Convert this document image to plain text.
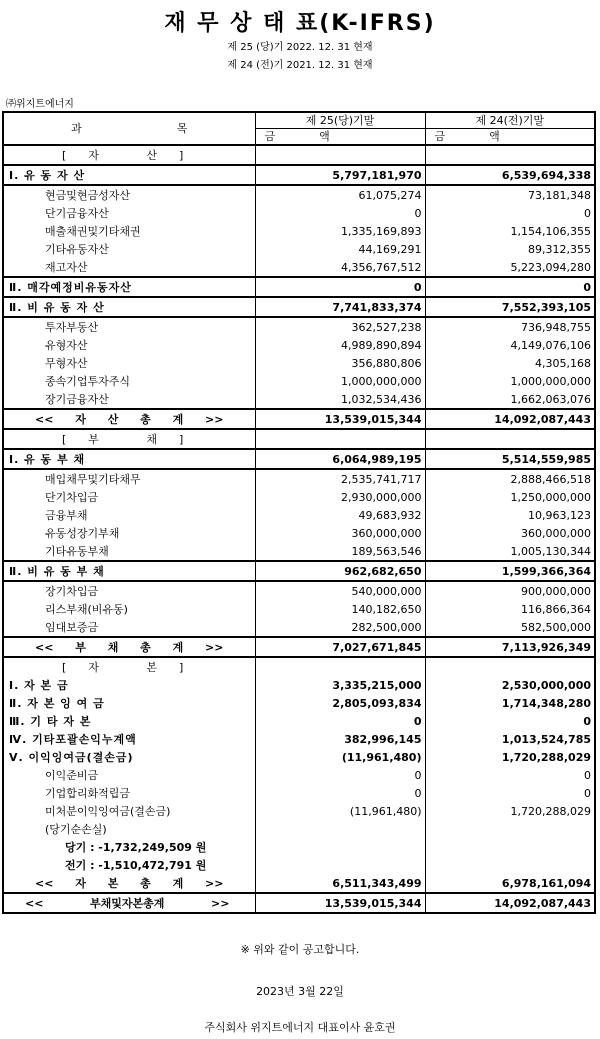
재 무 상 태 표(K-IFRS)
제 25 (당)기 2022. 12. 31 현재
제 24 (전)기 2021. 12. 31 현재
㈜위지트에너지
과 목	제 25(당)기말	제 24(전)기말
	금 액	금 액

[자 산]		

Ⅰ. 유 동 자 산	5,797,181,970	6,539,694,338

현금및현금성자산	61,075,274	73,181,348

단기금융자산	0	0

매출채권및기타채권	1,335,169,893	1,154,106,355

기타유동자산	44,169,291	89,312,355

재고자산	4,356,767,512	5,223,094,280

Ⅱ. 매각예정비유동자산	0	0

Ⅱ. 비 유 동 자 산	7,741,833,374	7,552,393,105

투자부동산	362,527,238	736,948,755

유형자산	4,989,890,894	4,149,076,106

무형자산	356,880,806	4,305,168

종속기업투자주식	1,000,000,000	1,000,000,000

장기금융자산	1,032,534,436	1,662,063,076

<< 자 산 총 계 >>	13,539,015,344	14,092,087,443

[부 채]		

Ⅰ. 유 동 부 채	6,064,989,195	5,514,559,985

매입채무및기타채무	2,535,741,717	2,888,466,518

단기차입금	2,930,000,000	1,250,000,000

금융부채	49,683,932	10,963,123

유동성장기부채	360,000,000	360,000,000

기타유동부채	189,563,546	1,005,130,344

Ⅱ. 비 유 동 부 채	962,682,650	1,599,366,364

장기차입금	540,000,000	900,000,000

리스부채(비유동)	140,182,650	116,866,364

임대보증금	282,500,000	582,500,000

<< 부 채 총 계 >>	7,027,671,845	7,113,926,349

[자 본]		

Ⅰ. 자 본 금	3,335,215,000	2,530,000,000

Ⅱ. 자 본 잉 여 금	2,805,093,834	1,714,348,280

Ⅲ. 기 타 자 본	0	0

Ⅳ. 기타포괄손익누계액	382,996,145	1,013,524,785

Ⅴ. 이익잉여금(결손금)	(11,961,480)	1,720,288,029

이익준비금	0	0

기업합리화적립금	0	0

미처분이익잉여금(결손금)	(11,961,480)	1,720,288,029

(당기순손실)		

당기 : -1,732,249,509 원		

전기 : -1,510,472,791 원		

<< 자 본 총 계 >>	6,511,343,499	6,978,161,094

<< 부채및자본총계 >>	13,539,015,344	14,092,087,443
※ 위와 같이 공고합니다.
2023년 3월 22일
주식회사 위지트에너지 대표이사 윤호권
